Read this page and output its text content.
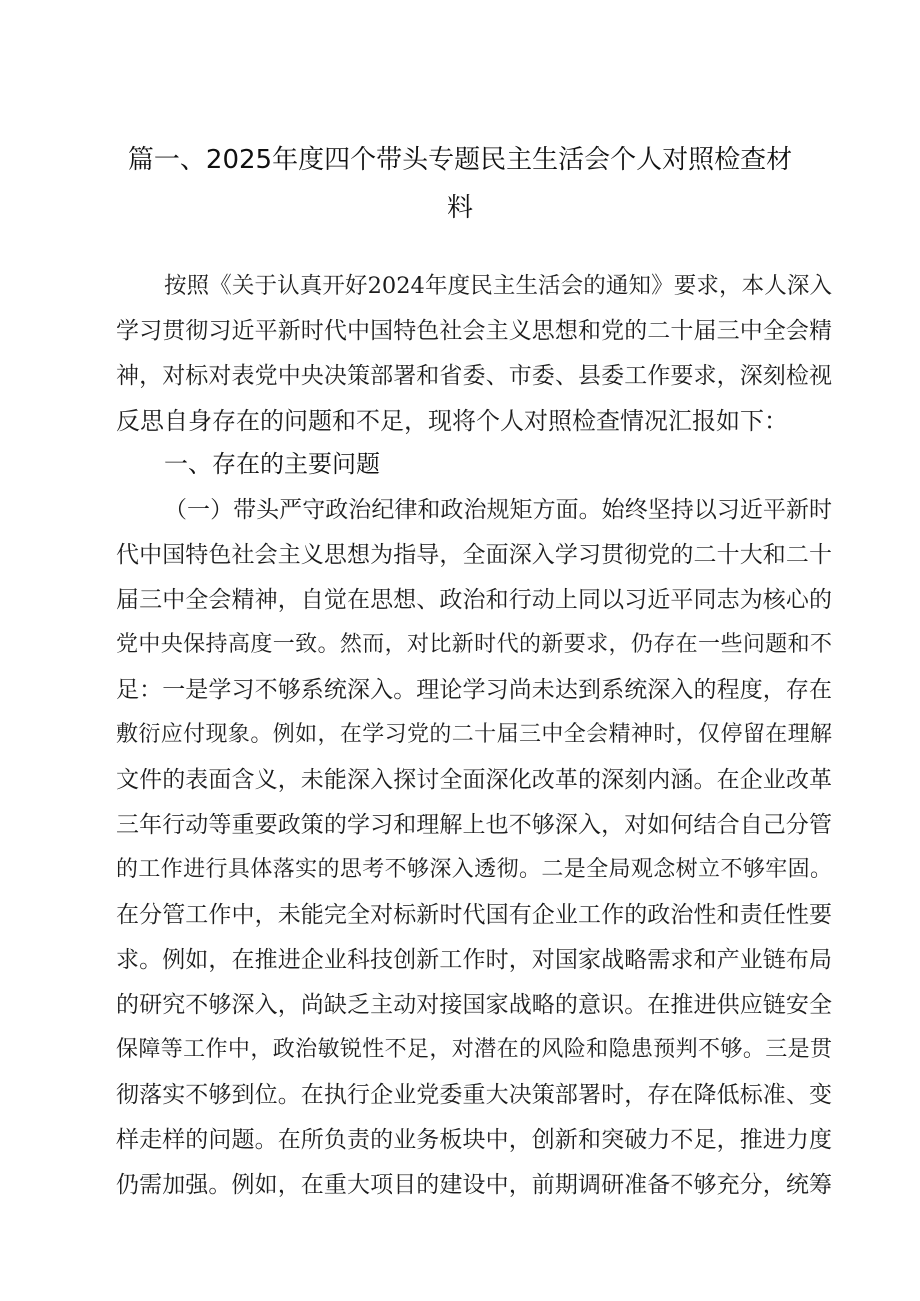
篇一、2025年度四个带头专题民主生活会个人对照检查材
料
按照《关于认真开好2024年度民主生活会的通知》要求，本人深入
学习贯彻习近平新时代中国特色社会主义思想和党的二十届三中全会精
神，对标对表党中央决策部署和省委、市委、县委工作要求，深刻检视
反思自身存在的问题和不足，现将个人对照检查情况汇报如下：
一、存在的主要问题
（一）带头严守政治纪律和政治规矩方面。始终坚持以习近平新时
代中国特色社会主义思想为指导，全面深入学习贯彻党的二十大和二十
届三中全会精神，自觉在思想、政治和行动上同以习近平同志为核心的
党中央保持高度一致。然而，对比新时代的新要求，仍存在一些问题和不
足：一是学习不够系统深入。理论学习尚未达到系统深入的程度，存在
敷衍应付现象。例如，在学习党的二十届三中全会精神时，仅停留在理解
文件的表面含义，未能深入探讨全面深化改革的深刻内涵。在企业改革
三年行动等重要政策的学习和理解上也不够深入，对如何结合自己分管
的工作进行具体落实的思考不够深入透彻。二是全局观念树立不够牢固。
在分管工作中，未能完全对标新时代国有企业工作的政治性和责任性要
求。例如，在推进企业科技创新工作时，对国家战略需求和产业链布局
的研究不够深入，尚缺乏主动对接国家战略的意识。在推进供应链安全
保障等工作中，政治敏锐性不足，对潜在的风险和隐患预判不够。三是贯
彻落实不够到位。在执行企业党委重大决策部署时，存在降低标准、变
样走样的问题。在所负责的业务板块中，创新和突破力不足，推进力度
仍需加强。例如，在重大项目的建设中，前期调研准备不够充分，统筹
